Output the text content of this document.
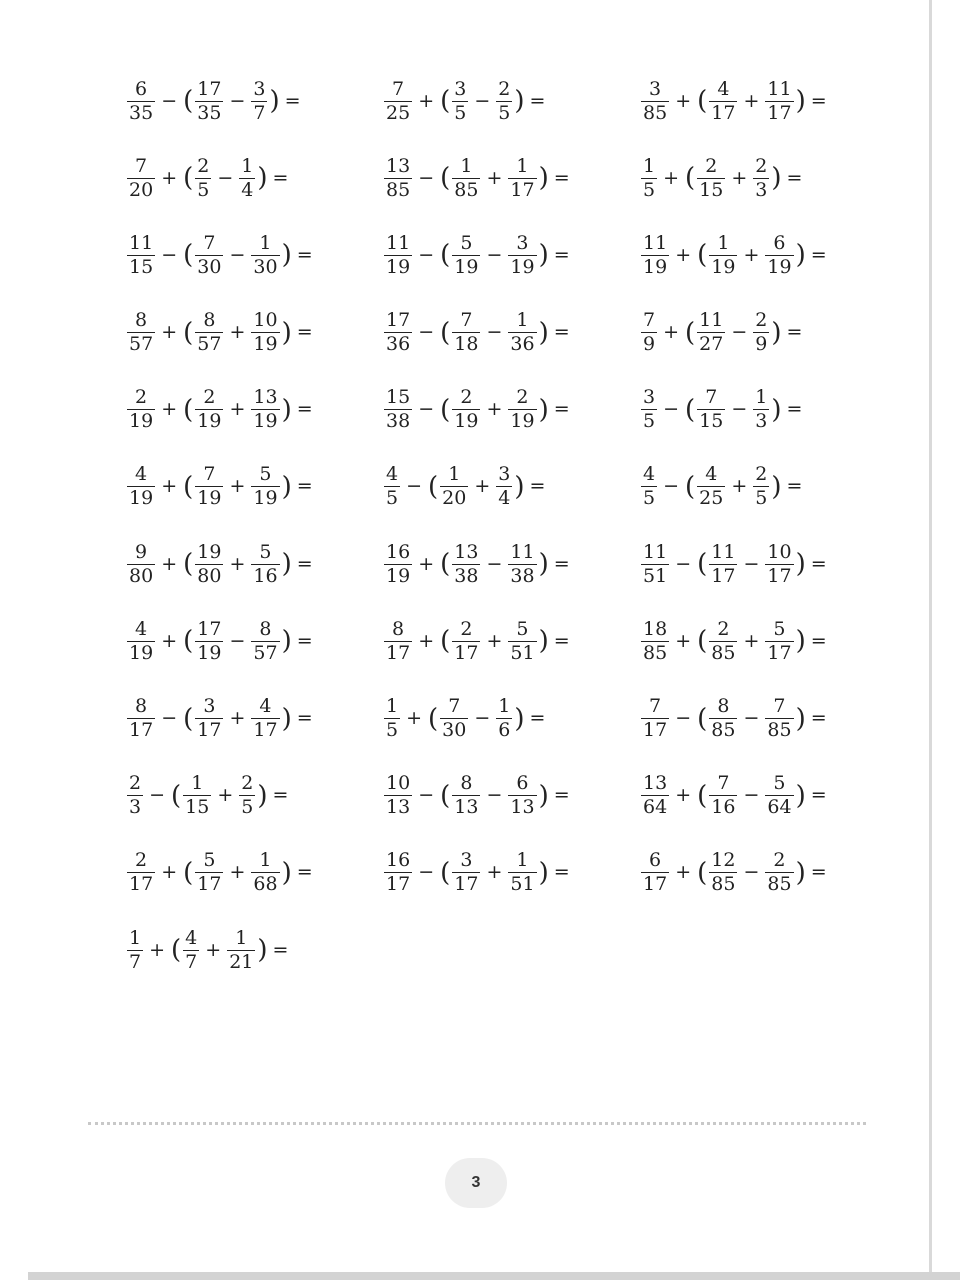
$\frac{6}{35}$ − ( $\frac{17}{35} - \frac{3}{7}$ ) =	$\frac{7}{25}$ + ( $\frac{3}{5} - \frac{2}{5}$ ) =	$\frac{3}{85}$ + ( $\frac{4}{17} + \frac{11}{17}$ ) =
$\frac{7}{20}$ + ( $\frac{2}{5} - \frac{1}{4}$ ) =	$\frac{13}{85}$ − ( $\frac{1}{85} + \frac{1}{17}$ ) =	$\frac{1}{5}$ + ( $\frac{2}{15} + \frac{2}{3}$ ) =
$\frac{11}{15}$ − ( $\frac{7}{30} - \frac{1}{30}$ ) =	$\frac{11}{19}$ − ( $\frac{5}{19} - \frac{3}{19}$ ) =	$\frac{11}{19}$ + ( $\frac{1}{19} + \frac{6}{19}$ ) =
$\frac{8}{57}$ + ( $\frac{8}{57} + \frac{10}{19}$ ) =	$\frac{17}{36}$ − ( $\frac{7}{18} - \frac{1}{36}$ ) =	$\frac{7}{9}$ + ( $\frac{11}{27} - \frac{2}{9}$ ) =
$\frac{2}{19}$ + ( $\frac{2}{19} + \frac{13}{19}$ ) =	$\frac{15}{38}$ − ( $\frac{2}{19} + \frac{2}{19}$ ) =	$\frac{3}{5}$ − ( $\frac{7}{15} - \frac{1}{3}$ ) =
$\frac{4}{19}$ + ( $\frac{7}{19} + \frac{5}{19}$ ) =	$\frac{4}{5}$ − ( $\frac{1}{20} + \frac{3}{4}$ ) =	$\frac{4}{5}$ − ( $\frac{4}{25} + \frac{2}{5}$ ) =
$\frac{9}{80}$ + ( $\frac{19}{80} + \frac{5}{16}$ ) =	$\frac{16}{19}$ + ( $\frac{13}{38} - \frac{11}{38}$ ) =	$\frac{11}{51}$ − ( $\frac{11}{17} - \frac{10}{17}$ ) =
$\frac{4}{19}$ + ( $\frac{17}{19} - \frac{8}{57}$ ) =	$\frac{8}{17}$ + ( $\frac{2}{17} + \frac{5}{51}$ ) =	$\frac{18}{85}$ + ( $\frac{2}{85} + \frac{5}{17}$ ) =
$\frac{8}{17}$ − ( $\frac{3}{17} + \frac{4}{17}$ ) =	$\frac{1}{5}$ + ( $\frac{7}{30} - \frac{1}{6}$ ) =	$\frac{7}{17}$ − ( $\frac{8}{85} - \frac{7}{85}$ ) =
$\frac{2}{3}$ − ( $\frac{1}{15} + \frac{2}{5}$ ) =	$\frac{10}{13}$ − ( $\frac{8}{13} - \frac{6}{13}$ ) =	$\frac{13}{64}$ + ( $\frac{7}{16} - \frac{5}{64}$ ) =
$\frac{2}{17}$ + ( $\frac{5}{17} + \frac{1}{68}$ ) =	$\frac{16}{17}$ − ( $\frac{3}{17} + \frac{1}{51}$ ) =	$\frac{6}{17}$ + ( $\frac{12}{85} - \frac{2}{85}$ ) =
$\frac{1}{7}$ + ( $\frac{4}{7} + \frac{1}{21}$ ) =
3
